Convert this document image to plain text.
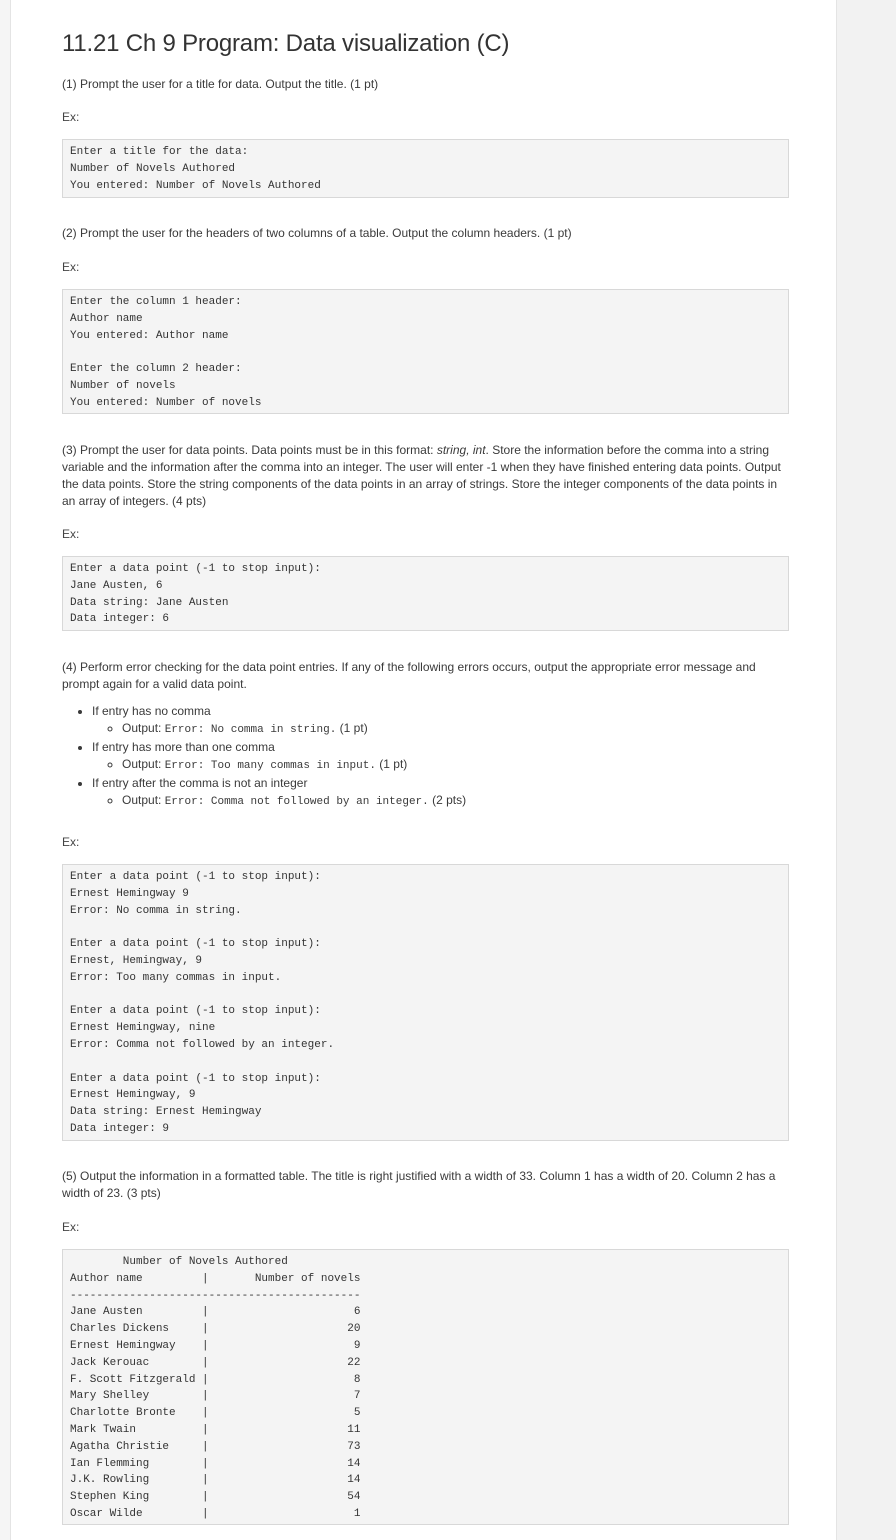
11.21 Ch 9 Program: Data visualization (C)

(1) Prompt the user for a title for data. Output the title. (1 pt)

Ex:
Enter a title for the data:
Number of Novels Authored
You entered: Number of Novels Authored

(2) Prompt the user for the headers of two columns of a table. Output the column headers. (1 pt)

Ex:
Enter the column 1 header:
Author name
You entered: Author name

Enter the column 2 header:
Number of novels
You entered: Number of novels

(3) Prompt the user for data points. Data points must be in this format: string, int. Store the information before the comma into a string variable and the information after the comma into an integer. The user will enter -1 when they have finished entering data points. Output the data points. Store the string components of the data points in an array of strings. Store the integer components of the data points in an array of integers. (4 pts)

Ex:
Enter a data point (-1 to stop input):
Jane Austen, 6
Data string: Jane Austen
Data integer: 6

(4) Perform error checking for the data point entries. If any of the following errors occurs, output the appropriate error message and prompt again for a valid data point.

• If entry has no comma
◦ Output: Error: No comma in string. (1 pt)
• If entry has more than one comma
◦ Output: Error: Too many commas in input. (1 pt)
• If entry after the comma is not an integer
◦ Output: Error: Comma not followed by an integer. (2 pts)
Ex:
Enter a data point (-1 to stop input):
Ernest Hemingway 9
Error: No comma in string.

Enter a data point (-1 to stop input):
Ernest, Hemingway, 9
Error: Too many commas in input.

Enter a data point (-1 to stop input):
Ernest Hemingway, nine
Error: Comma not followed by an integer.

Enter a data point (-1 to stop input):
Ernest Hemingway, 9
Data string: Ernest Hemingway
Data integer: 9

(5) Output the information in a formatted table. The title is right justified with a width of 33. Column 1 has a width of 20. Column 2 has a width of 23. (3 pts)

Ex:
Number of Novels Authored
Author name         |       Number of novels
--------------------------------------------
Jane Austen         |                      6
Charles Dickens     |                     20
Ernest Hemingway    |                      9
Jack Kerouac        |                     22
F. Scott Fitzgerald |                      8
Mary Shelley        |                      7
Charlotte Bronte    |                      5
Mark Twain          |                     11
Agatha Christie     |                     73
Ian Flemming        |                     14
J.K. Rowling        |                     14
Stephen King        |                     54
Oscar Wilde         |                      1
